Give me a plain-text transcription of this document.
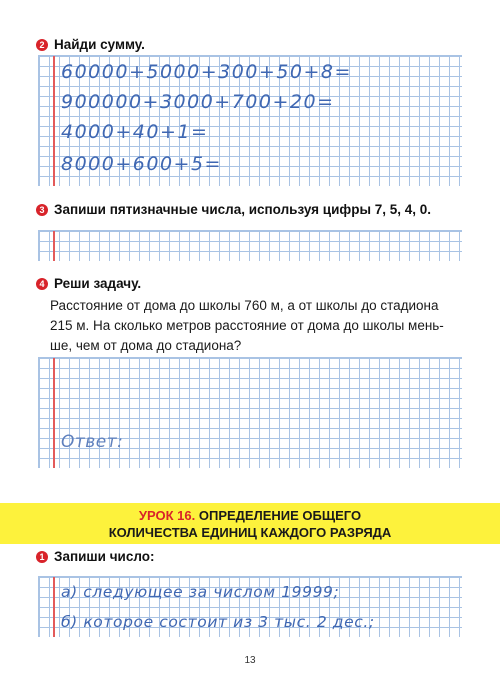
2 Найди сумму.
60000+5000+300+50+8=
900000+3000+700+20=
4000+40+1=
8000+600+5=
3 Запиши пятизначные числа, используя цифры 7, 5, 4, 0.
4 Реши задачу.
Расстояние от дома до школы 760 м, а от школы до стадиона 215 м. На сколько метров расстояние от дома до школы мень-ше, чем от дома до стадиона?
Ответ:
УРОК 16. ОПРЕДЕЛЕНИЕ ОБЩЕГО
КОЛИЧЕСТВА ЕДИНИЦ КАЖДОГО РАЗРЯДА
1 Запиши число:
а) следующее за числом 19999;
б) которое состоит из 3 тыс. 2 дес.;
13
